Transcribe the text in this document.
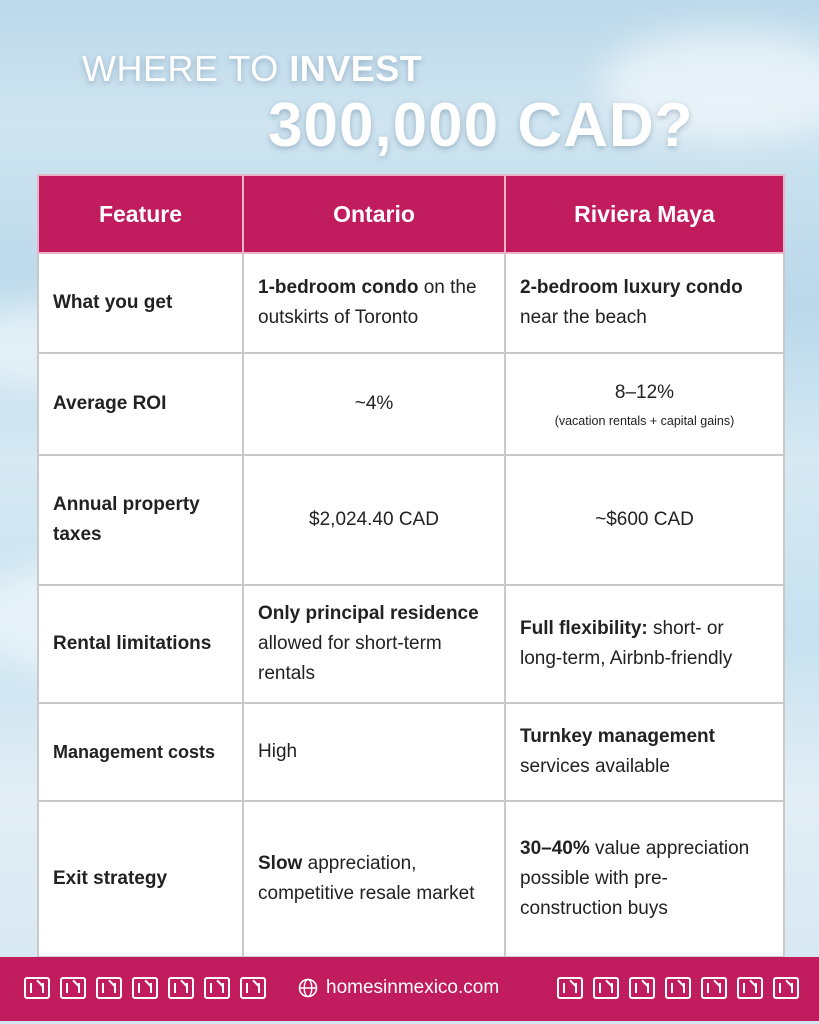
WHERE TO INVEST
300,000 CAD?
Feature	Ontario	Riviera Maya
What you get	1-bedroom condo on the outskirts of Toronto	2-bedroom luxury condo near the beach
Average ROI	~4%	8–12%
(vacation rentals + capital gains)

Annual property taxes	$2,024.40 CAD	~$600 CAD
Rental limitations	Only principal residence allowed for short-term rentals	Full flexibility: short- or long-term, Airbnb-friendly
Management costs	High	Turnkey management services available
Exit strategy	Slow appreciation, competitive resale market	30–40% value appreciation possible with pre-construction buys
homesinmexico.com
